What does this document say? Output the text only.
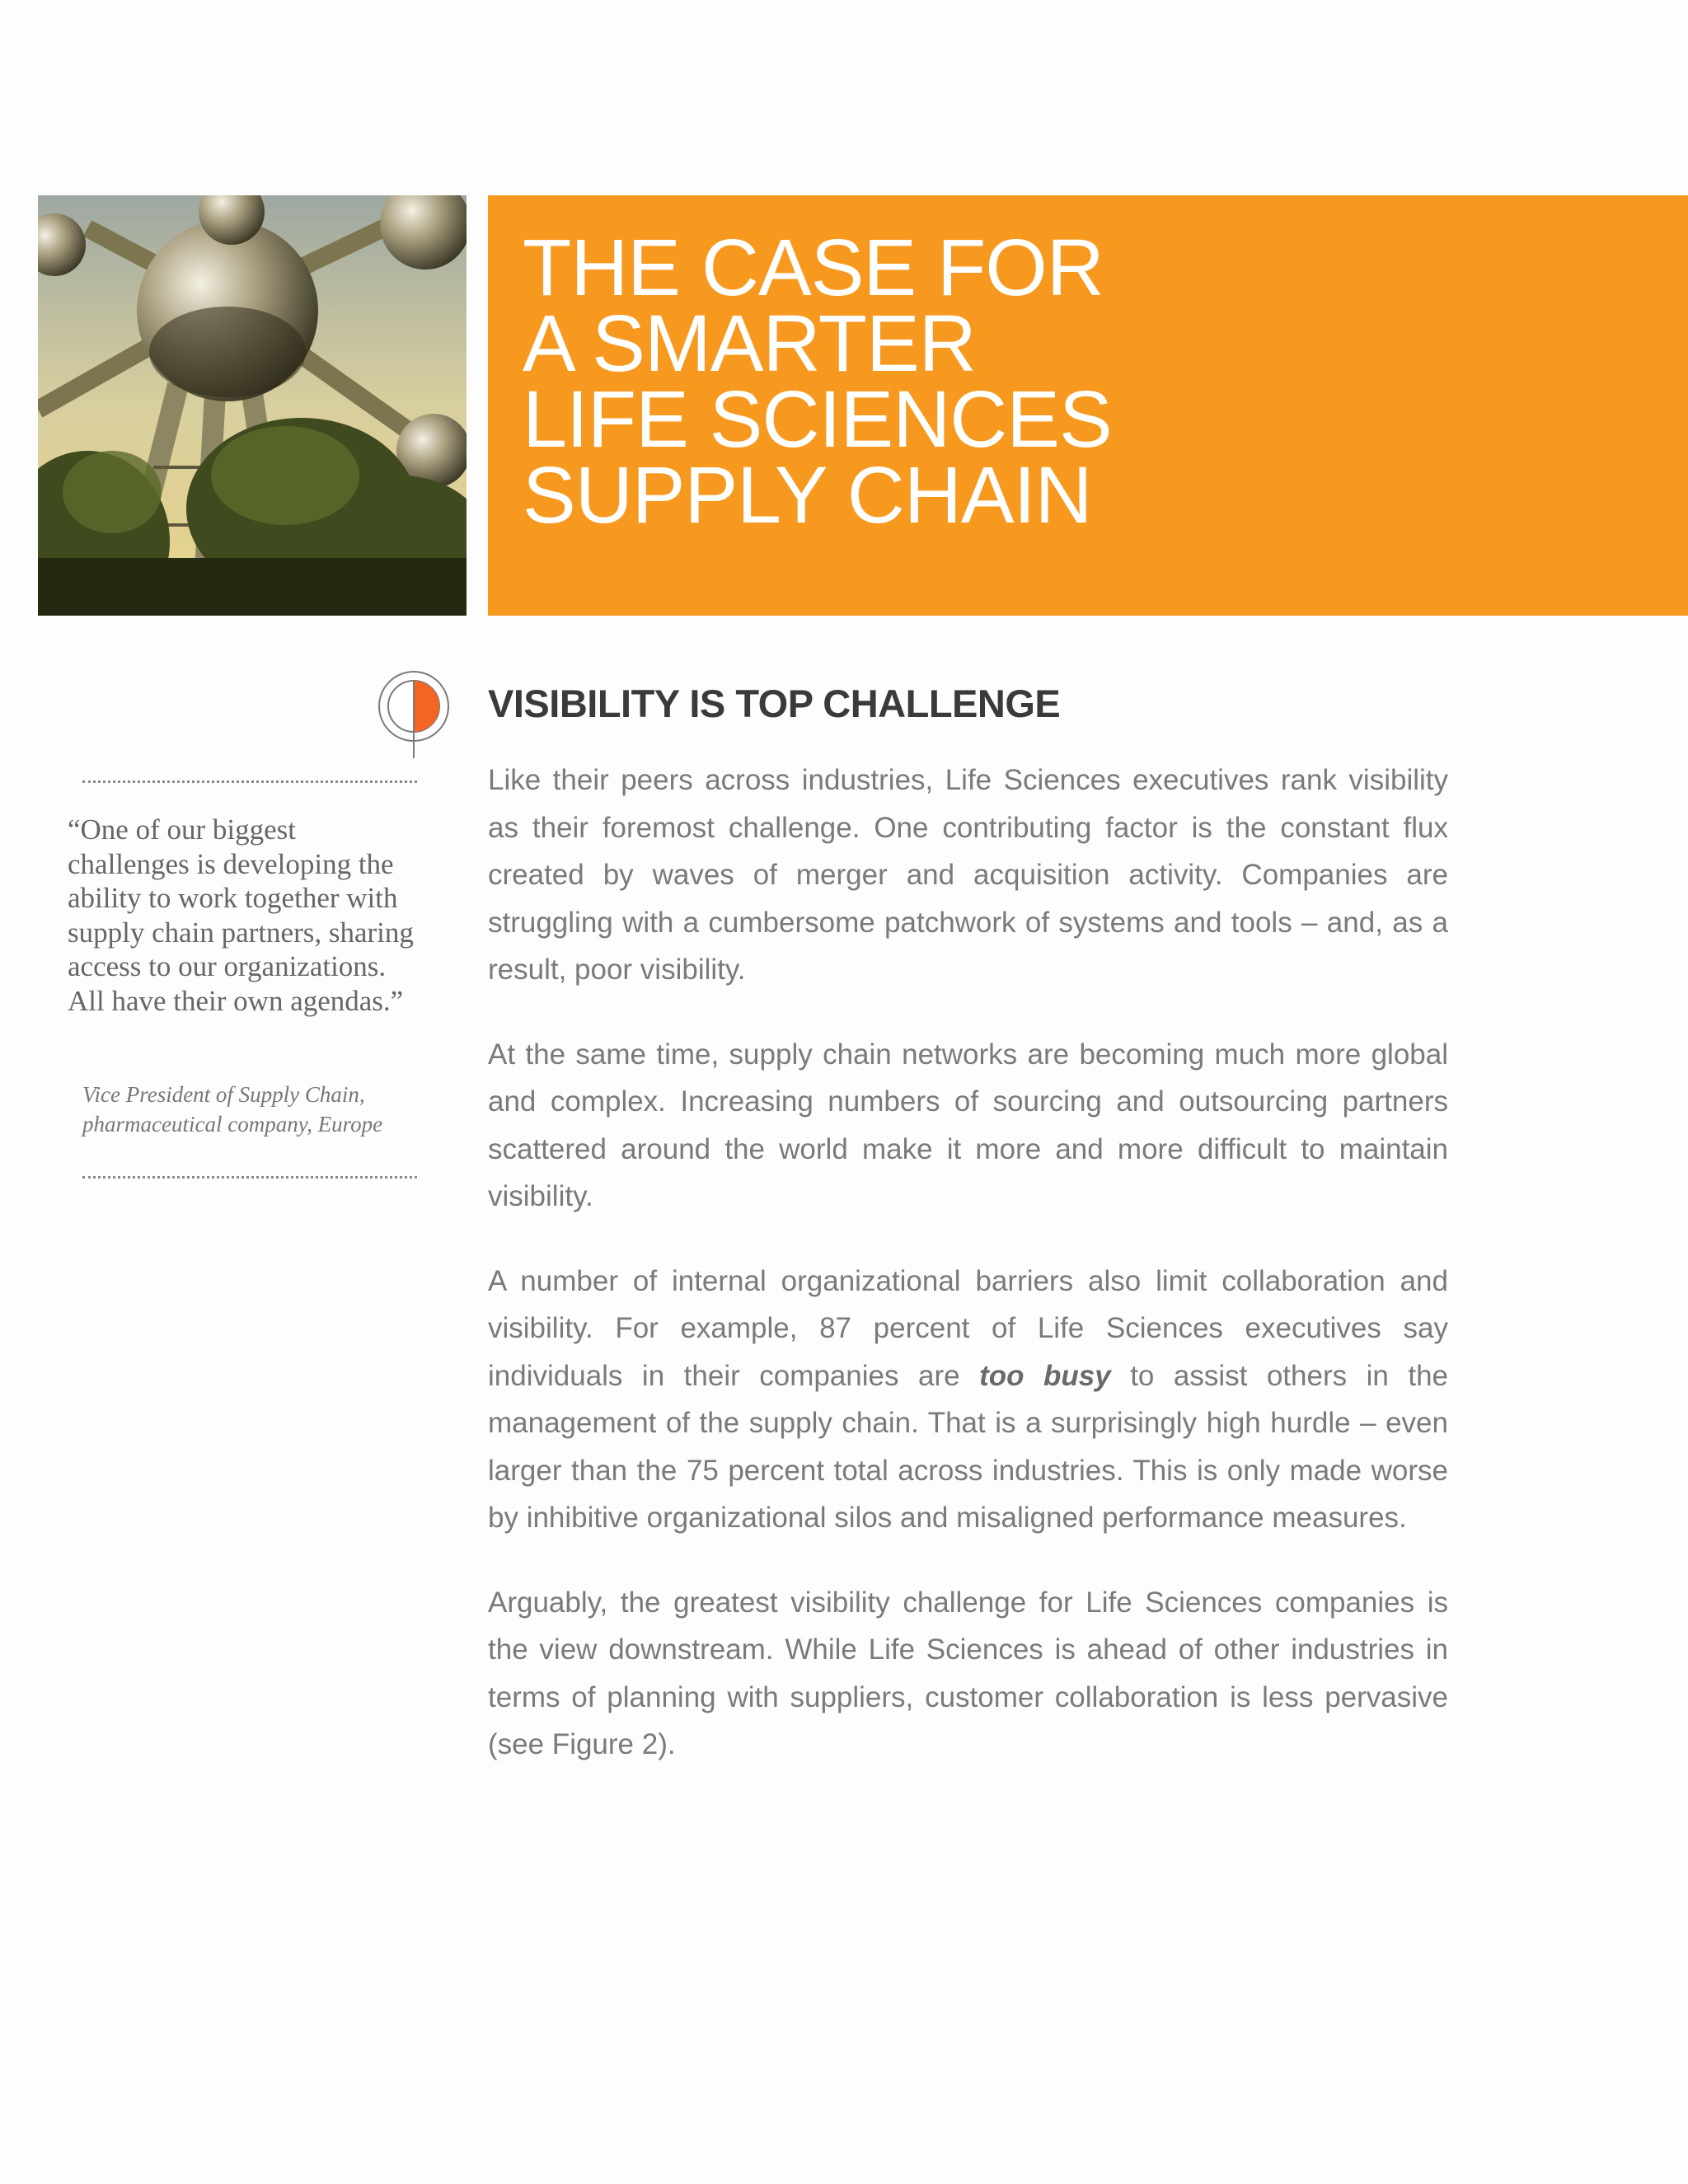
THE CASE FOR
A SMARTER
LIFE SCIENCES
SUPPLY CHAIN
VISIBILITY IS TOP CHALLENGE

“One of our biggest challenges is developing the ability to work together with supply chain partners, sharing access to our organizations. All have their own agendas.”

Vice President of Supply Chain,
pharmaceutical company, Europe

Like their peers across industries, Life Sciences executives rank visibility as their foremost challenge. One contributing factor is the constant flux created by waves of merger and acquisition activity. Companies are struggling with a cumbersome patchwork of systems and tools – and, as a result, poor visibility.

At the same time, supply chain networks are becoming much more global and complex. Increasing numbers of sourcing and outsourcing partners scattered around the world make it more and more difficult to maintain visibility.

A number of internal organizational barriers also limit collaboration and visibility. For example, 87 percent of Life Sciences executives say individuals in their companies are too busy to assist others in the management of the supply chain. That is a surprisingly high hurdle – even larger than the 75 percent total across industries. This is only made worse by inhibitive organizational silos and misaligned performance measures.

Arguably, the greatest visibility challenge for Life Sciences companies is the view downstream. While Life Sciences is ahead of other industries in terms of planning with suppliers, customer collaboration is less pervasive (see Figure 2).
